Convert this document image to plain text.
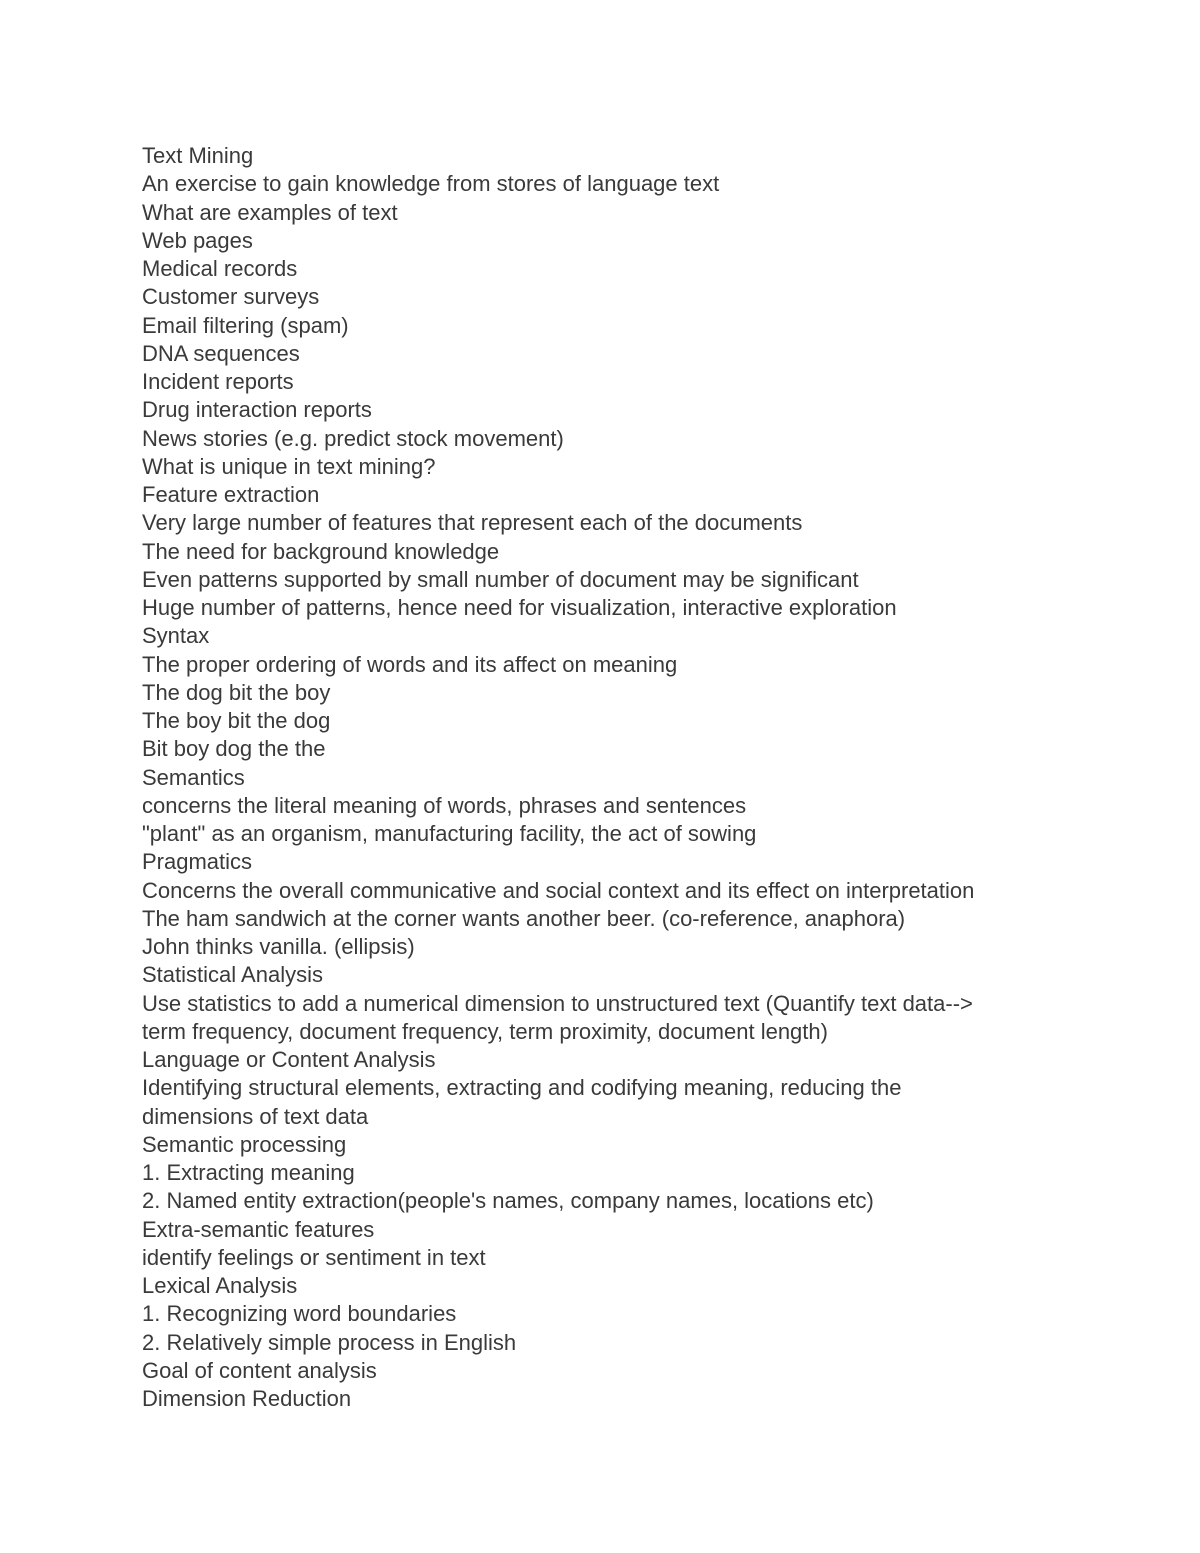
Text Mining
An exercise to gain knowledge from stores of language text
What are examples of text
Web pages
Medical records
Customer surveys
Email filtering (spam)
DNA sequences
Incident reports
Drug interaction reports
News stories (e.g. predict stock movement)
What is unique in text mining?
Feature extraction
Very large number of features that represent each of the documents
The need for background knowledge
Even patterns supported by small number of document may be significant
Huge number of patterns, hence need for visualization, interactive exploration
Syntax
The proper ordering of words and its affect on meaning
The dog bit the boy
The boy bit the dog
Bit boy dog the the
Semantics
concerns the literal meaning of words, phrases and sentences
"plant" as an organism, manufacturing facility, the act of sowing
Pragmatics
Concerns the overall communicative and social context and its effect on interpretation
The ham sandwich at the corner wants another beer. (co-reference, anaphora)
John thinks vanilla. (ellipsis)
Statistical Analysis
Use statistics to add a numerical dimension to unstructured text (Quantify text data-->
term frequency, document frequency, term proximity, document length)
Language or Content Analysis
Identifying structural elements, extracting and codifying meaning, reducing the
dimensions of text data
Semantic processing
1. Extracting meaning
2. Named entity extraction(people's names, company names, locations etc)
Extra-semantic features
identify feelings or sentiment in text
Lexical Analysis
1. Recognizing word boundaries
2. Relatively simple process in English
Goal of content analysis
Dimension Reduction
